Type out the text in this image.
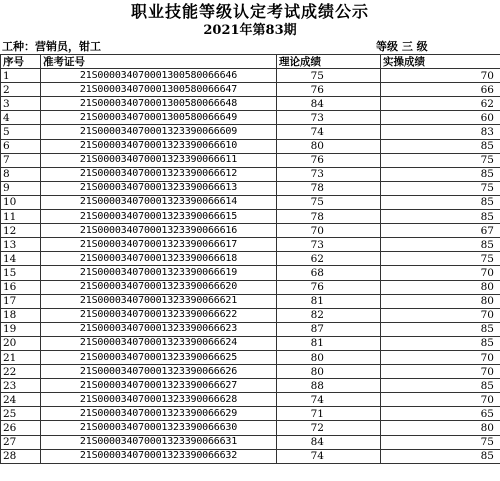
职业技能等级认定考试成绩公示
2021年第83期
工种：营销员，钳工	等级 三 级
序号	准考证号	理论成绩	实操成绩
1	21S000034070001300580066646	75	70
2	21S000034070001300580066647	76	66
3	21S000034070001300580066648	84	62
4	21S000034070001300580066649	73	60
5	21S000034070001323390066609	74	83
6	21S000034070001323390066610	80	85
7	21S000034070001323390066611	76	75
8	21S000034070001323390066612	73	85
9	21S000034070001323390066613	78	75
10	21S000034070001323390066614	75	85
11	21S000034070001323390066615	78	85
12	21S000034070001323390066616	70	67
13	21S000034070001323390066617	73	85
14	21S000034070001323390066618	62	75
15	21S000034070001323390066619	68	70
16	21S000034070001323390066620	76	80
17	21S000034070001323390066621	81	80
18	21S000034070001323390066622	82	70
19	21S000034070001323390066623	87	85
20	21S000034070001323390066624	81	85
21	21S000034070001323390066625	80	70
22	21S000034070001323390066626	80	70
23	21S000034070001323390066627	88	85
24	21S000034070001323390066628	74	70
25	21S000034070001323390066629	71	65
26	21S000034070001323390066630	72	80
27	21S000034070001323390066631	84	75
28	21S000034070001323390066632	74	85
